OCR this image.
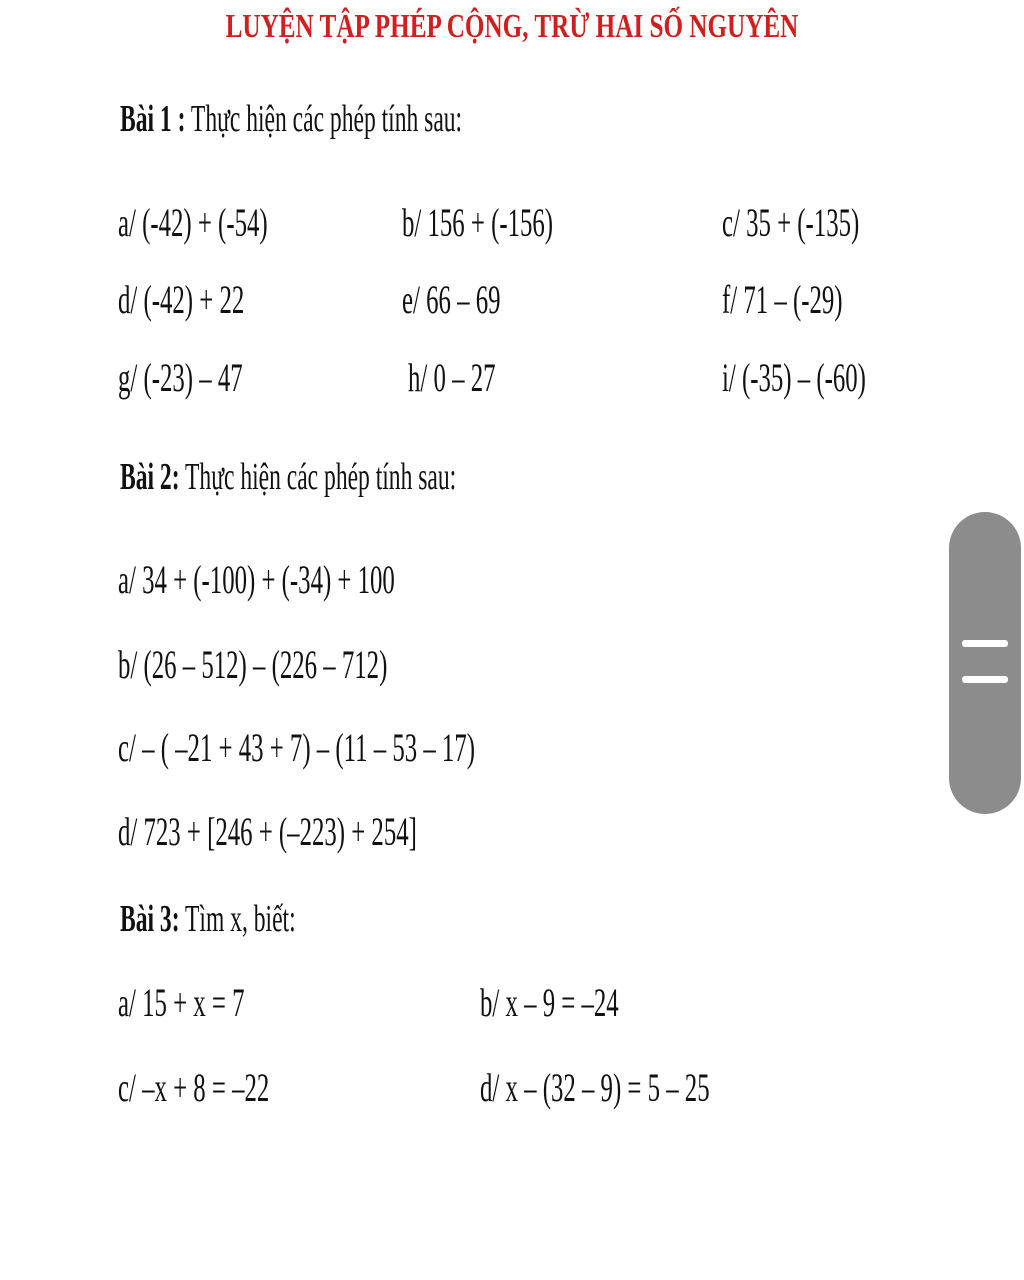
LUYỆN TẬP PHÉP CỘNG, TRỪ HAI SỐ NGUYÊN
Bài 1 : Thực hiện các phép tính sau:
a/ (-42) + (-54)	b/ 156 + (-156)	c/ 35 + (-135)
d/ (-42) + 22	e/ 66 – 69	f/ 71 – (-29)
g/ (-23) – 47	h/ 0 – 27	i/ (-35) – (-60)
Bài 2: Thực hiện các phép tính sau:
a/ 34 + (-100) + (-34) + 100
b/ (26 – 512) – (226 – 712)
c/ – ( –21 + 43 + 7) – (11 – 53 – 17)
d/ 723 + [246 + (–223) + 254]
Bài 3: Tìm x, biết:
a/ 15 + x = 7	b/ x – 9 = –24
c/ –x + 8 = –22	d/ x – (32 – 9) = 5 – 25
